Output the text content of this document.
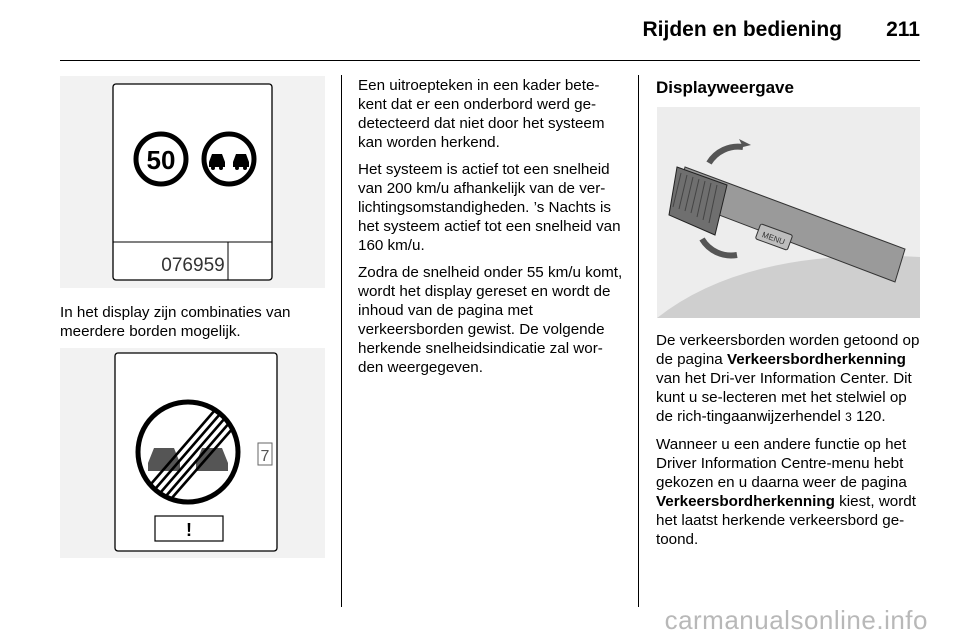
Rijden en bediening 211
50
076959

In het display zijn combinaties van meerdere borden mogelijk.

7
!

Een uitroepteken in een kader bete-kent dat er een onderbord werd ge-detecteerd dat niet door het systeem kan worden herkend.

Het systeem is actief tot een snelheid van 200 km/u afhankelijk van de ver-lichtingsomstandigheden. ’s Nachts is het systeem actief tot een snelheid van 160 km/u.

Zodra de snelheid onder 55 km/u komt, wordt het display gereset en wordt de inhoud van de pagina met verkeersborden gewist. De volgende herkende snelheidsindicatie zal wor-den weergegeven.

Displayweergave

MENU

De verkeersborden worden getoond op de pagina Verkeersbordherkenning van het Dri-ver Information Center. Dit kunt u se-lecteren met het stelwiel op de rich-tingaanwijzerhendel 3 120.

Wanneer u een andere functie op het Driver Information Centre-menu hebt gekozen en u daarna weer de pagina Verkeersbordherkenning kiest, wordt het laatst herkende verkeersbord ge-toond.

carmanualsonline.info
